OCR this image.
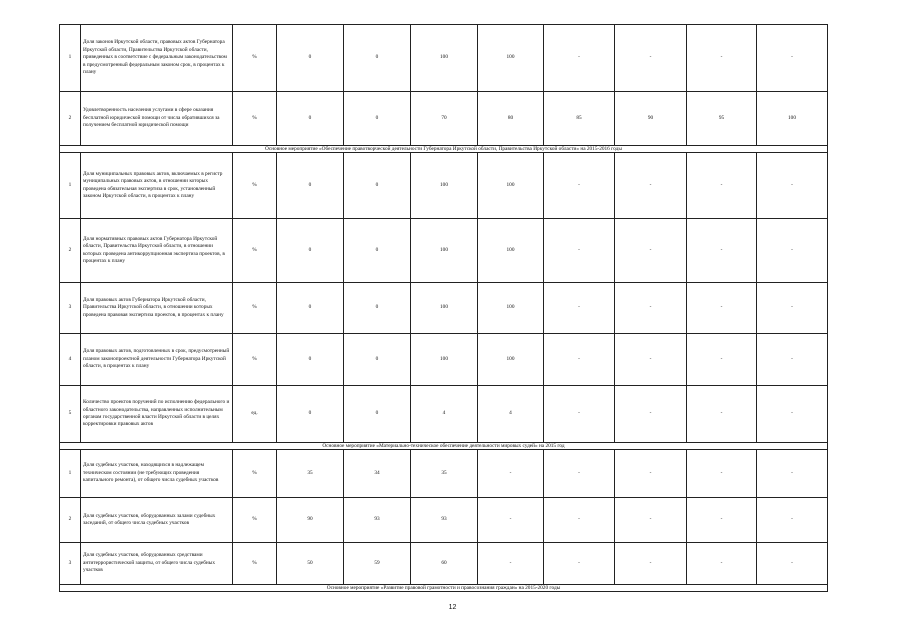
1	Доля законов Иркутской области, правовых актов Губернатора Иркутской области, Правительства Иркутской области, приведенных в соответствие с федеральным законодательством в предусмотренный федеральным законом срок, в процентах к плану	%	0	0	100	100	-	-	-	-
2	Удовлетворенность населения услугами в сфере оказания бесплатной юридической помощи от числа обратившихся за получением бесплатной юридической помощи	%	0	0	70	80	85	90	95	100
Основное мероприятие «Обеспечение правотворческой деятельности Губернатора Иркутской области, Правительства Иркутской области» на 2015-2016 годы										
1	Доля муниципальных правовых актов, включаемых в регистр муниципальных правовых актов, в отношении которых проведена обязательная экспертиза в срок, установленный законом Иркутской области, в процентах к плану	%	0	0	100	100	-	-	-	-
2	Доля нормативных правовых актов Губернатора Иркутской области, Правительства Иркутской области, в отношении которых проведена антикоррупционная экспертиза проектов, в процентах к плану	%	0	0	100	100	-	-	-	-
3	Доля правовых актов Губернатора Иркутской области, Правительства Иркутской области, в отношении которых проведена правовая экспертиза проектов, в процентах к плану	%	0	0	100	100	-	-	-	-
4	Доля правовых актов, подготовленных в срок, предусмотренный планом законопроектной деятельности Губернатора Иркутской области, в процентах к плану	%	0	0	100	100	-	-	-	-
5	Количество проектов поручений по исполнению федерального и областного законодательства, направленных исполнительным органам государственной власти Иркутской области в целях корректировки правовых актов	ед.	0	0	4	4	-	-	-	-
Основное мероприятие «Материально-техническое обеспечение деятельности мировых судей» на 2015 год										
1	Доля судебных участков, находящихся в надлежащем техническом состоянии (не требующих проведения капитального ремонта), от общего числа судебных участков	%	35	34	35	-	-	-	-	-
2	Доля судебных участков, оборудованных залами судебных заседаний, от общего числа судебных участков	%	90	93	93	-	-	-	-	-
3	Доля судебных участков, оборудованных средствами антитеррористической защиты, от общего числа судебных участков	%	50	59	60	-	-	-	-	-
Основное мероприятие «Развитие правовой грамотности и правосознания граждан» на 2015-2020 годы										
12
